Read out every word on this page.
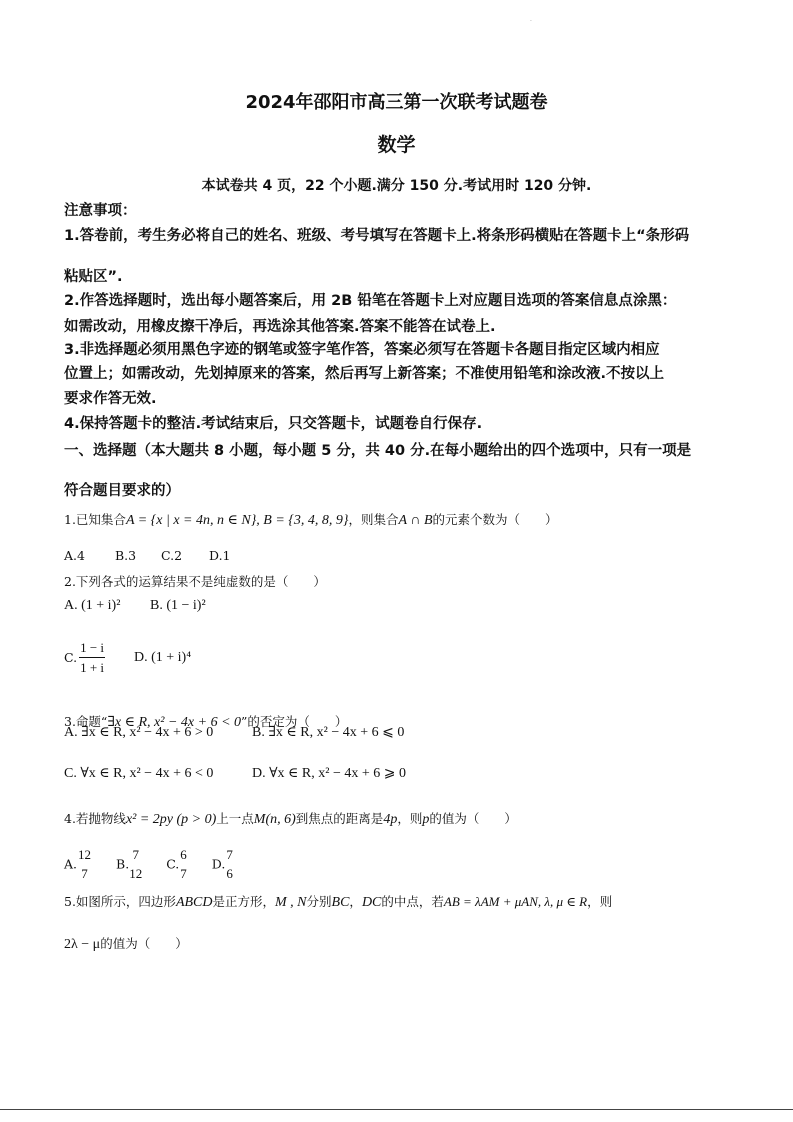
·
2024年邵阳市高三第一次联考试题卷
数学
本试卷共 4 页，22 个小题.满分 150 分.考试用时 120 分钟.
注意事项：
1.答卷前，考生务必将自己的姓名、班级、考号填写在答题卡上.将条形码横贴在答题卡上“条形码
粘贴区”.
2.作答选择题时，选出每小题答案后，用 2B 铅笔在答题卡上对应题目选项的答案信息点涂黑：
如需改动，用橡皮擦干净后，再选涂其他答案.答案不能答在试卷上.
3.非选择题必须用黑色字迹的钢笔或签字笔作答，答案必须写在答题卡各题目指定区域内相应
位置上；如需改动，先划掉原来的答案，然后再写上新答案；不准使用铅笔和涂改液.不按以上
要求作答无效.
4.保持答题卡的整洁.考试结束后，只交答题卡，试题卷自行保存.
一、选择题（本大题共 8 小题，每小题 5 分，共 40 分.在每小题给出的四个选项中，只有一项是
符合题目要求的）
1.已知集合A = {x | x = 4n, n ∈ N}, B = {3, 4, 8, 9}，则集合A ∩ B的元素个数为（　　）
A.4 B.3 C.2 D.1
2.下列各式的运算结果不是纯虚数的是（　　）
A. (1 + i)² B. (1 − i)²
C. $\frac{1 - i}{1 + i} D$. (1 + i)⁴
3.命题“∃x ∈ R, x² − 4x + 6 < 0”的否定为（　　）
A. ∃x ∈ R, x² − 4x + 6 > 0	B. ∃x ∈ R, x² − 4x + 6 ⩽ 0
C. ∀x ∈ R, x² − 4x + 6 < 0	D. ∀x ∈ R, x² − 4x + 6 ⩾ 0
4.若抛物线x² = 2py (p > 0)上一点M(n, 6)到焦点的距离是4p，则p的值为（　　）
A.
12
7
B.
7
12
C.
6
7
D.
7
6
5.如图所示，四边形ABCD是正方形，M , N分别BC，DC的中点，若AB = λAM + μAN, λ, μ ∈ R，则
2λ − μ的值为（　　）
